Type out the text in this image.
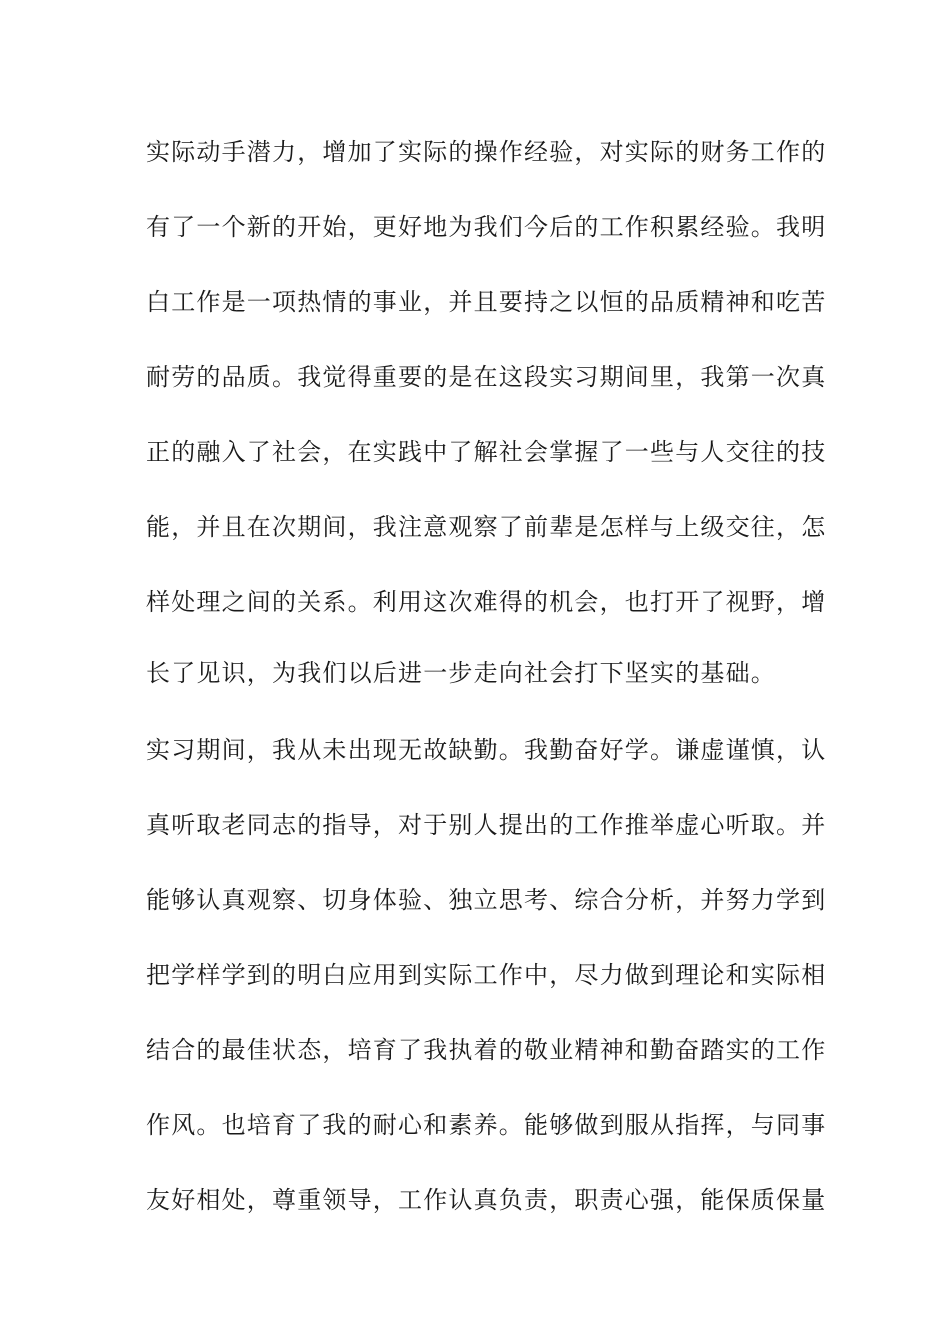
实际动手潜力，增加了实际的操作经验，对实际的财务工作的
有了一个新的开始，更好地为我们今后的工作积累经验。我明
白工作是一项热情的事业，并且要持之以恒的品质精神和吃苦
耐劳的品质。我觉得重要的是在这段实习期间里，我第一次真
正的融入了社会，在实践中了解社会掌握了一些与人交往的技
能，并且在次期间，我注意观察了前辈是怎样与上级交往，怎
样处理之间的关系。利用这次难得的机会，也打开了视野，增
长了见识，为我们以后进一步走向社会打下坚实的基础。
实习期间，我从未出现无故缺勤。我勤奋好学。谦虚谨慎，认
真听取老同志的指导，对于别人提出的工作推举虚心听取。并
能够认真观察、切身体验、独立思考、综合分析，并努力学到
把学样学到的明白应用到实际工作中，尽力做到理论和实际相
结合的最佳状态，培育了我执着的敬业精神和勤奋踏实的工作
作风。也培育了我的耐心和素养。能够做到服从指挥，与同事
友好相处，尊重领导，工作认真负责，职责心强，能保质保量
